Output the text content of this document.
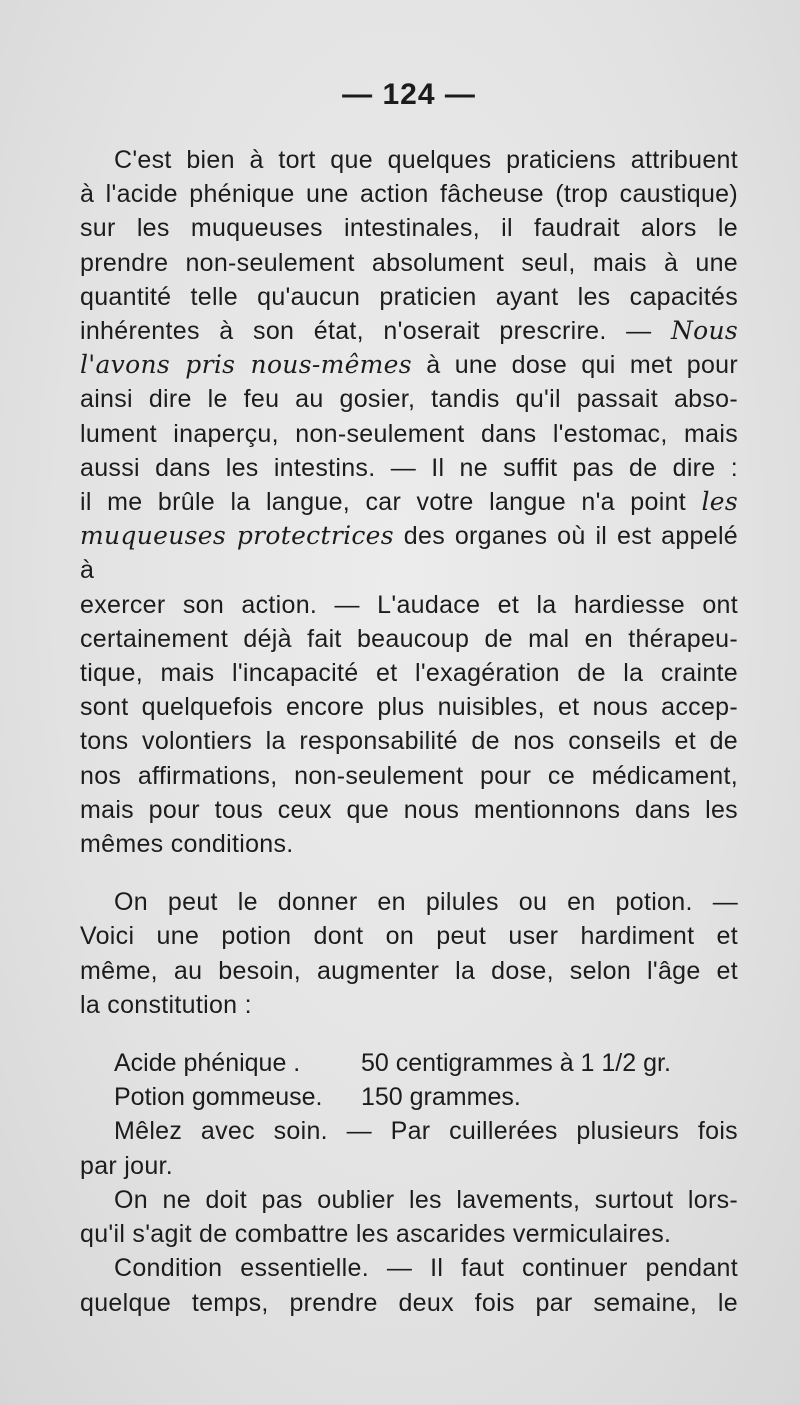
— 124 —
C'est bien à tort que quelques praticiens attribuent
à l'acide phénique une action fâcheuse (trop caustique)
sur les muqueuses intestinales, il faudrait alors le
prendre non-seulement absolument seul, mais à une
quantité telle qu'aucun praticien ayant les capacités
inhérentes à son état, n'oserait prescrire. — Nous
l'avons pris nous-mêmes à une dose qui met pour
ainsi dire le feu au gosier, tandis qu'il passait abso-
lument inaperçu, non-seulement dans l'estomac, mais
aussi dans les intestins. — Il ne suffit pas de dire :
il me brûle la langue, car votre langue n'a point les
muqueuses protectrices des organes où il est appelé à
exercer son action. — L'audace et la hardiesse ont
certainement déjà fait beaucoup de mal en thérapeu-
tique, mais l'incapacité et l'exagération de la crainte
sont quelquefois encore plus nuisibles, et nous accep-
tons volontiers la responsabilité de nos conseils et de
nos affirmations, non-seulement pour ce médicament,
mais pour tous ceux que nous mentionnons dans les
mêmes conditions.
On peut le donner en pilules ou en potion. —
Voici une potion dont on peut user hardiment et
même, au besoin, augmenter la dose, selon l'âge et
la constitution :
Acide phénique .	50 centigrammes à 1 1/2 gr.
Potion gommeuse.	150 grammes.
Mêlez avec soin. — Par cuillerées plusieurs fois
par jour.
On ne doit pas oublier les lavements, surtout lors-
qu'il s'agit de combattre les ascarides vermiculaires.
Condition essentielle. — Il faut continuer pendant
quelque temps, prendre deux fois par semaine, le
